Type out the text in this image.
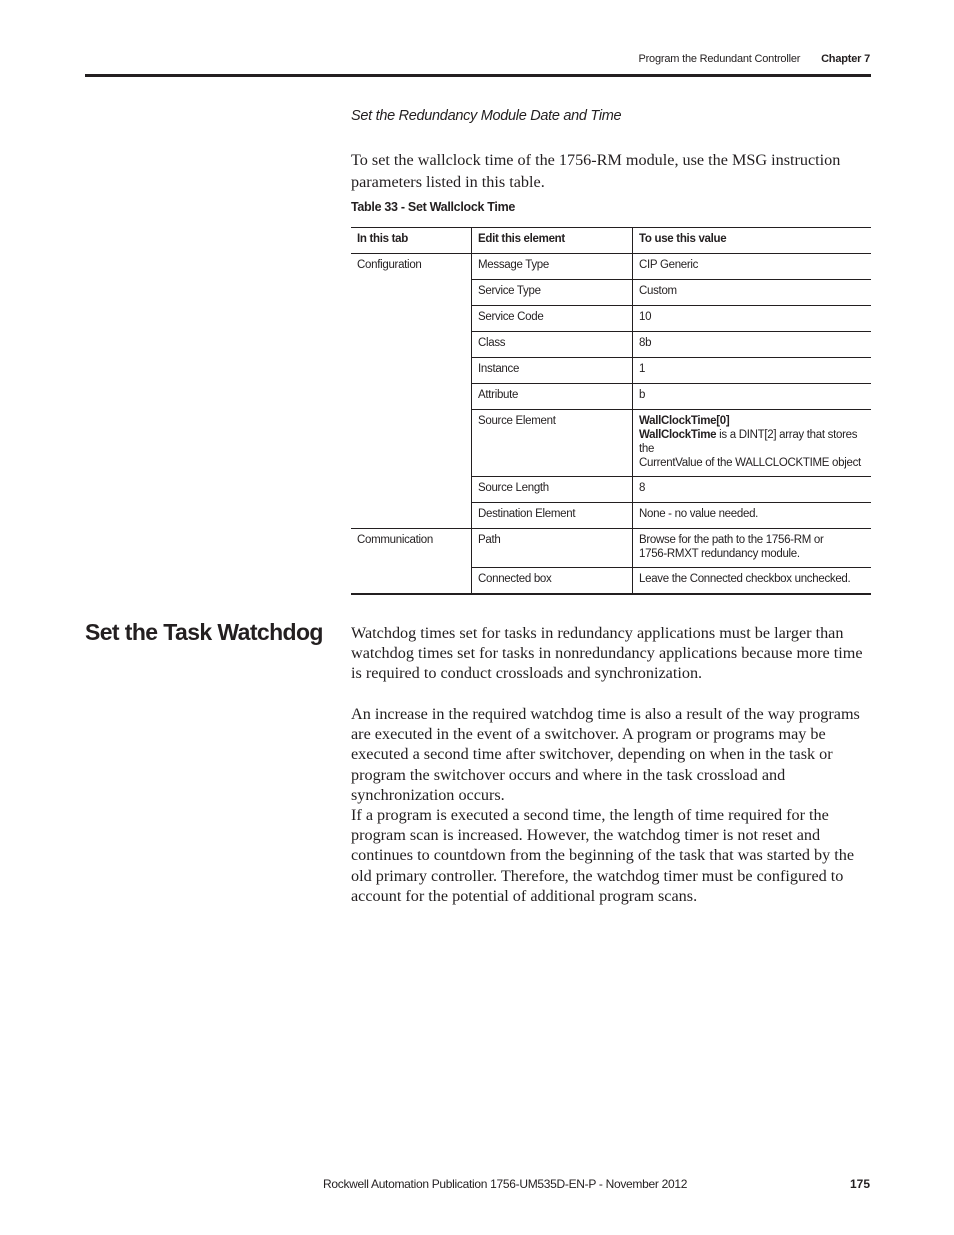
Program the Redundant Controller Chapter 7
Set the Redundancy Module Date and Time
To set the wallclock time of the 1756-RM module, use the MSG instruction parameters listed in this table.
Table 33 - Set Wallclock Time
In this tab	Edit this element	To use this value
Configuration	Message Type	CIP Generic
	Service Type	Custom
	Service Code	10
	Class	8b
	Instance	1
	Attribute	b
	Source Element	WallClockTime[0]
WallClockTime is a DINT[2] array that stores the
CurrentValue of the WALLCLOCKTIME object

	Source Length	8
	Destination Element	None - no value needed.
Communication	Path	Browse for the path to the 1756-RM or
1756-RMXT redundancy module.

	Connected box	Leave the Connected checkbox unchecked.
Set the Task Watchdog Watchdog times set for tasks in redundancy applications must be larger than watchdog times set for tasks in nonredundancy applications because more time is required to conduct crossloads and synchronization.

An increase in the required watchdog time is also a result of the way programs are executed in the event of a switchover. A program or programs may be executed a second time after switchover, depending on when in the task or program the switchover occurs and where in the task crossload and synchronization occurs.

If a program is executed a second time, the length of time required for the program scan is increased. However, the watchdog timer is not reset and continues to countdown from the beginning of the task that was started by the old primary controller. Therefore, the watchdog timer must be configured to account for the potential of additional program scans.

Rockwell Automation Publication 1756-UM535D-EN-P - November 2012	175
